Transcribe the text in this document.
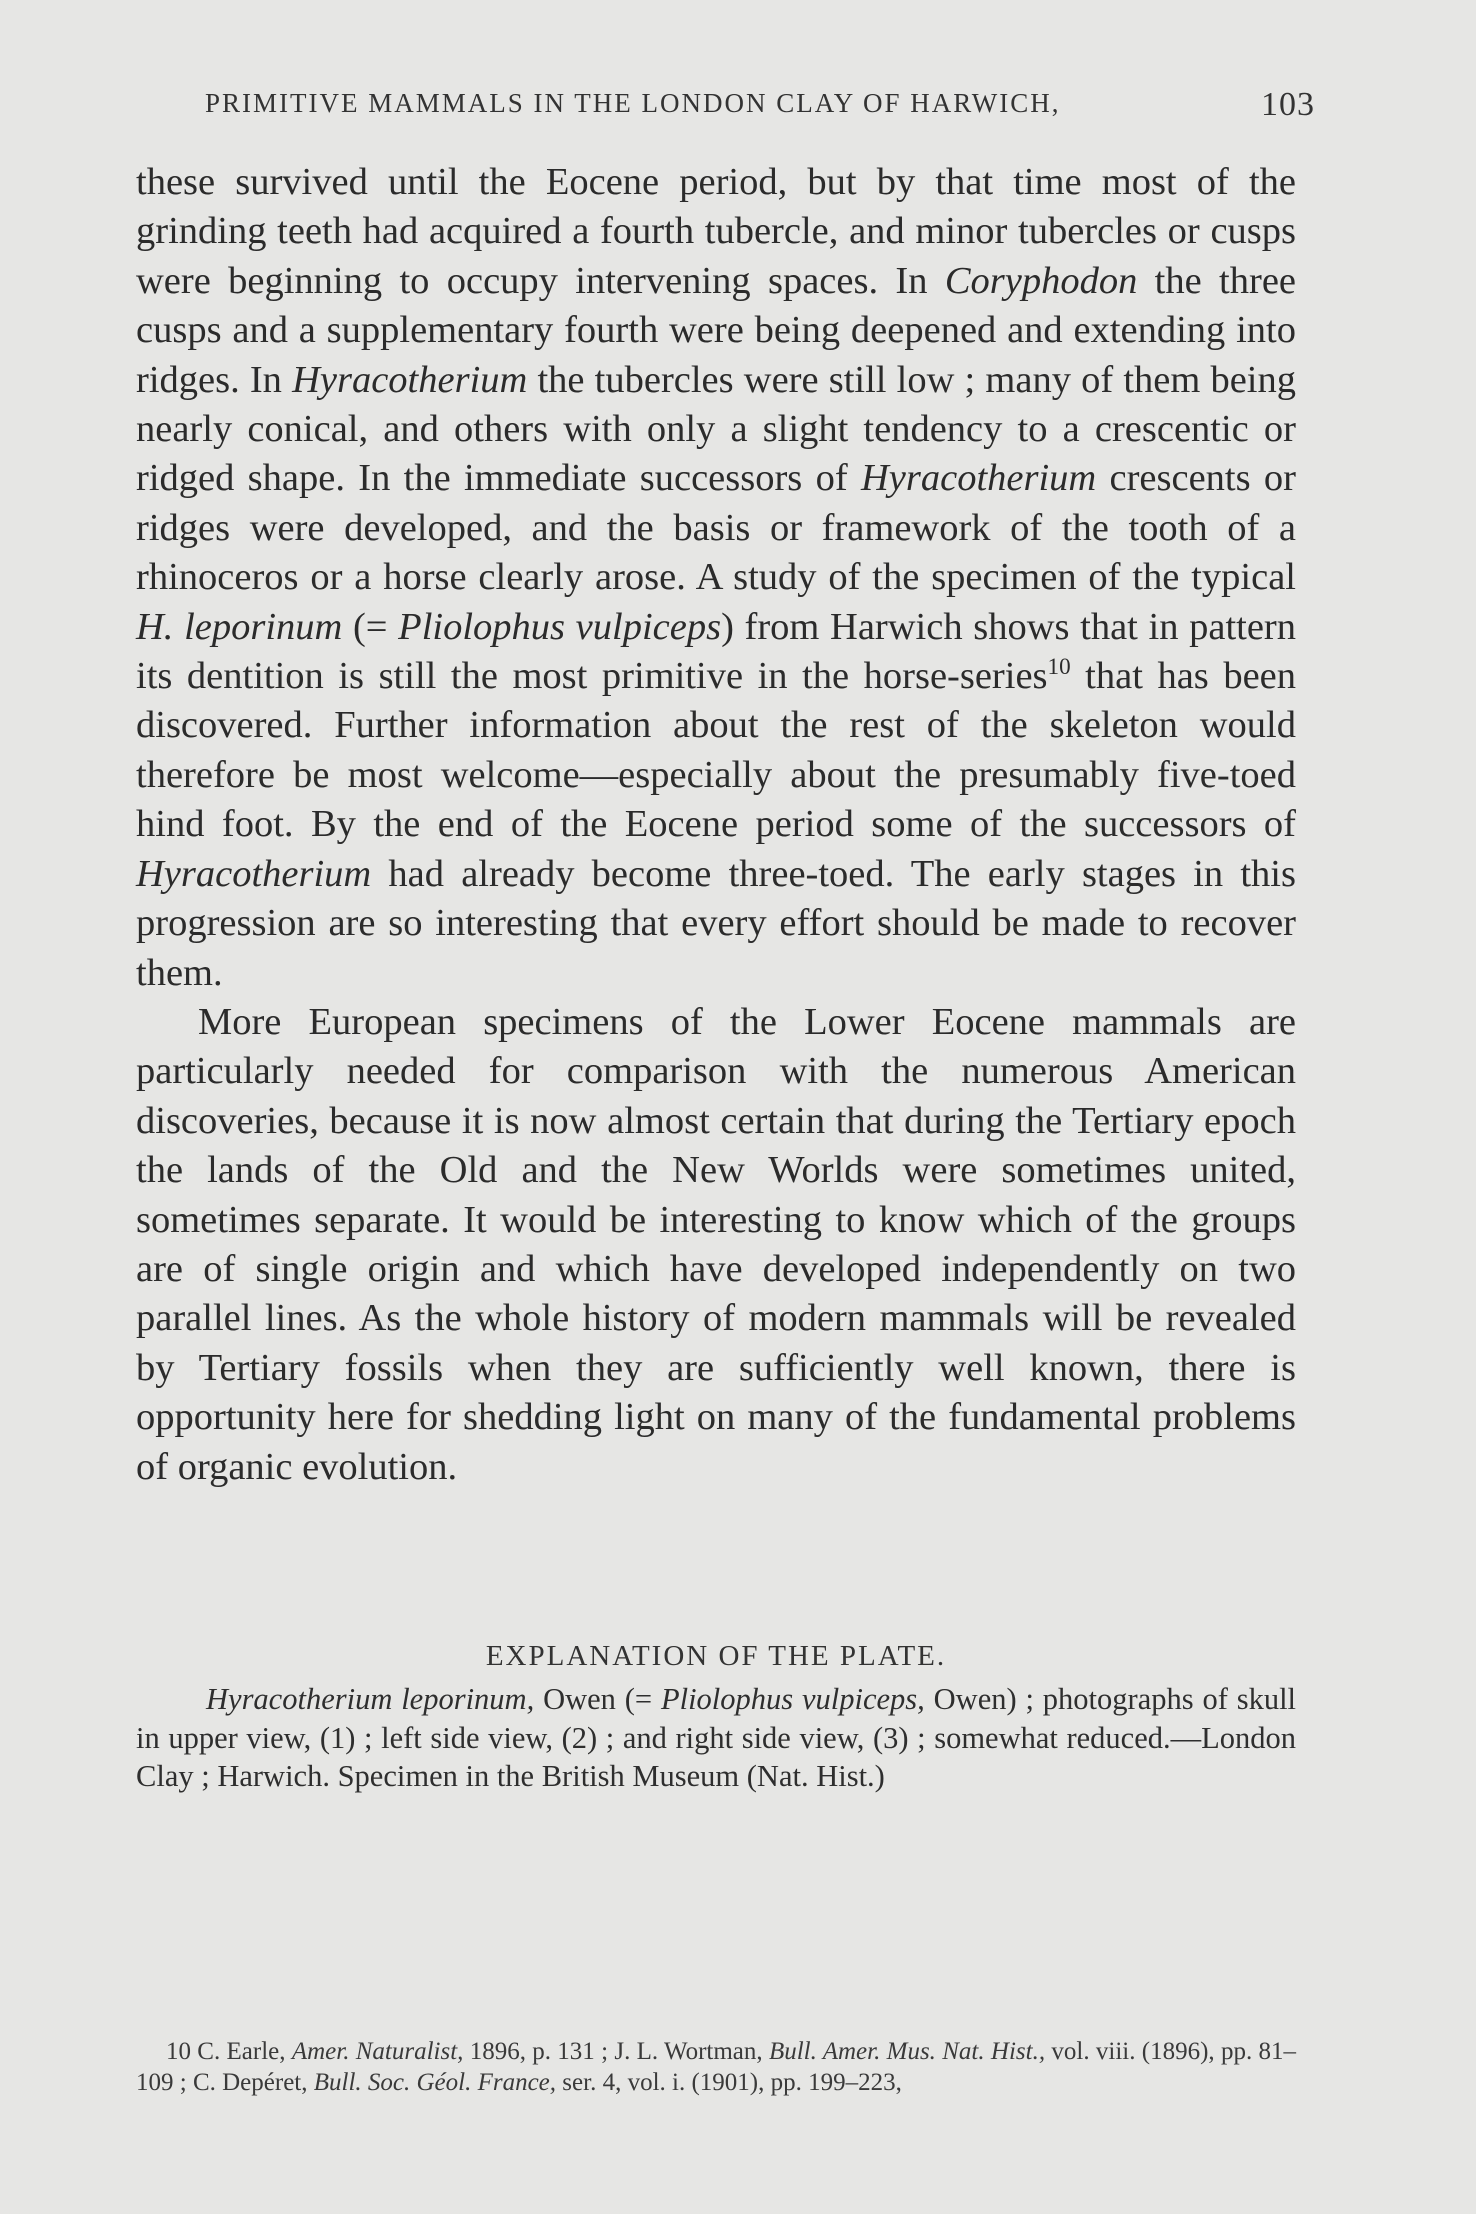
PRIMITIVE MAMMALS IN THE LONDON CLAY OF HARWICH,	103

these survived until the Eocene period, but by that time most of the grinding teeth had acquired a fourth tubercle, and minor tubercles or cusps were beginning to occupy intervening spaces. In Coryphodon the three cusps and a supplementary fourth were being deepened and extending into ridges. In Hyracotherium the tubercles were still low ; many of them being nearly conical, and others with only a slight tendency to a crescentic or ridged shape. In the immediate successors of Hyracotherium crescents or ridges were developed, and the basis or framework of the tooth of a rhinoceros or a horse clearly arose. A study of the specimen of the typical H. leporinum (= Pliolophus vulpiceps) from Harwich shows that in pattern its dentition is still the most primitive in the horse-series$^{10}$ that has been discovered. Further information about the rest of the skeleton would therefore be most welcome—especially about the presumably five-toed hind foot. By the end of the Eocene period some of the successors of Hyracotherium had already become three-toed. The early stages in this progression are so interesting that every effort should be made to recover them.

More European specimens of the Lower Eocene mammals are particularly needed for comparison with the numerous American discoveries, because it is now almost certain that during the Tertiary epoch the lands of the Old and the New Worlds were sometimes united, sometimes separate. It would be interesting to know which of the groups are of single origin and which have developed independently on two parallel lines. As the whole history of modern mammals will be revealed by Tertiary fossils when they are sufficiently well known, there is opportunity here for shedding light on many of the fundamental problems of organic evolution.

EXPLANATION OF THE PLATE.
Hyracotherium leporinum, Owen (= Pliolophus vulpiceps, Owen) ; photographs of skull in upper view, (1) ; left side view, (2) ; and right side view, (3) ; somewhat reduced.—London Clay ; Harwich. Specimen in the British Museum (Nat. Hist.)
10 C. Earle, Amer. Naturalist, 1896, p. 131 ; J. L. Wortman, Bull. Amer. Mus. Nat. Hist., vol. viii. (1896), pp. 81–109 ; C. Depéret, Bull. Soc. Géol. France, ser. 4, vol. i. (1901), pp. 199–223,
